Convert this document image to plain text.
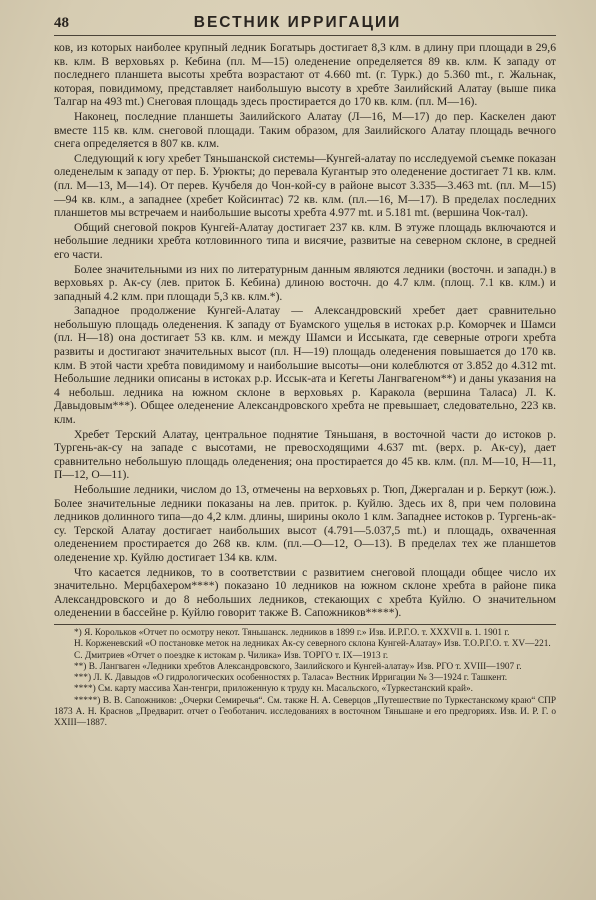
48	ВЕСТНИК ИРРИГАЦИИ

ков, из которых наиболее крупный ледник Богатырь достигает 8,3 клм. в длину при площади в 29,6 кв. клм. В верховьях р. Кебина (пл. М—15) оледенение определяется 89 кв. клм. К западу от последнего планшета высоты хребта возрастают от 4.660 mt. (г. Турк.) до 5.360 mt., г. Жальнак, которая, повидимому, представляет наибольшую высоту в хребте Заилийский Алатау (выше пика Талгар на 493 mt.) Снеговая площадь здесь простирается до 170 кв. клм. (пл. М—16).

Наконец, последние планшеты Заилийского Алатау (Л—16, М—17) до пер. Каскелен дают вместе 115 кв. клм. снеговой площади. Таким образом, для Заилийского Алатау площадь вечного снега определяется в 807 кв. клм.

Следующий к югу хребет Тяньшанской системы—Кунгей-алатау по исследуемой съемке показан оледенелым к западу от пер. Б. Урюкты; до перевала Кугантыр это оледенение достигает 71 кв. клм. (пл. М—13, М—14). От перев. Кучбеля до Чон-кой-су в районе высот 3.335—3.463 mt. (пл. М—15)—94 кв. клм., а западнее (хребет Койсинтас) 72 кв. клм. (пл.—16, М—17). В пределах последних планшетов мы встречаем и наибольшие высоты хребта 4.977 mt. и 5.181 mt. (вершина Чок-тал).

Общий снеговой покров Кунгей-Алатау достигает 237 кв. клм. В этуже площадь включаются и небольшие ледники хребта котловинного типа и висячие, развитые на северном склоне, в средней его части.

Более значительными из них по литературным данным являются ледники (восточн. и западн.) в верховьях р. Ак-су (лев. приток Б. Кебина) длиною восточн. до 4.7 клм. (площ. 7.1 кв. клм.) и западный 4.2 клм. при площади 5,3 кв. клм.*).

Западное продолжение Кунгей-Алатау — Александровский хребет дает сравнительно небольшую площадь оледенения. К западу от Буамского ущелья в истоках р.р. Коморчек и Шамси (пл. Н—18) она достигает 53 кв. клм. и между Шамси и Иссыката, где северные отроги хребта развиты и достигают значительных высот (пл. Н—19) площадь оледенения повышается до 170 кв. клм. В этой части хребта повидимому и наибольшие высоты—они колеблются от 3.852 до 4.312 mt. Небольшие ледники описаны в истоках р.р. Иссык-ата и Кегеты Лангвагеном**) и даны указания на 4 небольш. ледника на южном склоне в верховьях р. Каракола (вершина Таласа) Л. К. Давыдовым***). Общее оледенение Александровского хребта не превышает, следовательно, 223 кв. клм.

Хребет Терский Алатау, центральное поднятие Тяньшаня, в восточной части до истоков р. Тургень-ак-су на западе с высотами, не превосходящими 4.637 mt. (верх. р. Ак-су), дает сравнительно небольшую площадь оледенения; она простирается до 45 кв. клм. (пл. М—10, Н—11, П—12, О—11).

Небольшие ледники, числом до 13, отмечены на верховьях р. Тюп, Джергалан и р. Беркут (юж.). Более значительные ледники показаны на лев. приток. р. Куйлю. Здесь их 8, при чем половина ледников долинного типа—до 4,2 клм. длины, ширины около 1 клм. Западнее истоков р. Тургень-ак-су. Терской Алатау достигает наибольших высот (4.791—5.037,5 mt.) и площадь, охваченная оледенением простирается до 268 кв. клм. (пл.—О—12, О—13). В пределах тех же планшетов оледенение хр. Куйлю достигает 134 кв. клм.

Что касается ледников, то в соответствии с развитием снеговой площади общее число их значительно. Мерцбахером****) показано 10 ледников на южном склоне хребта в районе пика Александровского и до 8 небольших ледников, стекающих с хребта Куйлю. О значительном оледенении в бассейне р. Куйлю говорит также В. Сапожников*****).

*) Я. Корольков «Отчет по осмотру некот. Тяньшанск. ледников в 1899 г.» Изв. И.Р.Г.О. т. XXXVII в. 1. 1901 г.

Н. Корженевский «О постановке меток на ледниках Ак-су северного склона Кунгей-Алатау» Изв. Т.О.Р.Г.О. т. XV—221.

С. Дмитриев «Отчет о поездке к истокам р. Чилика» Изв. ТОРГО т. IX—1913 г.

**) В. Лангваген «Ледники хребтов Александровского, Заилийского и Кунгей-алатау» Изв. РГО т. XVIII—1907 г.

***) Л. К. Давыдов «О гидрологических особенностях р. Таласа» Вестник Ирригации № 3—1924 г. Ташкент.

****) См. карту массива Хан-тенгри, приложенную к труду кн. Масальского, «Туркестанский край».

*****) В. В. Сапожников: „Очерки Семиречья“. См. также Н. А. Северцов „Путешествие по Туркестанскому краю“ СПР 1873 А. Н. Краснов „Предварит. отчет о Геоботанич. исследованиях в восточном Тяньшане и его предгориях. Изв. И. Р. Г. о XXIII—1887.
